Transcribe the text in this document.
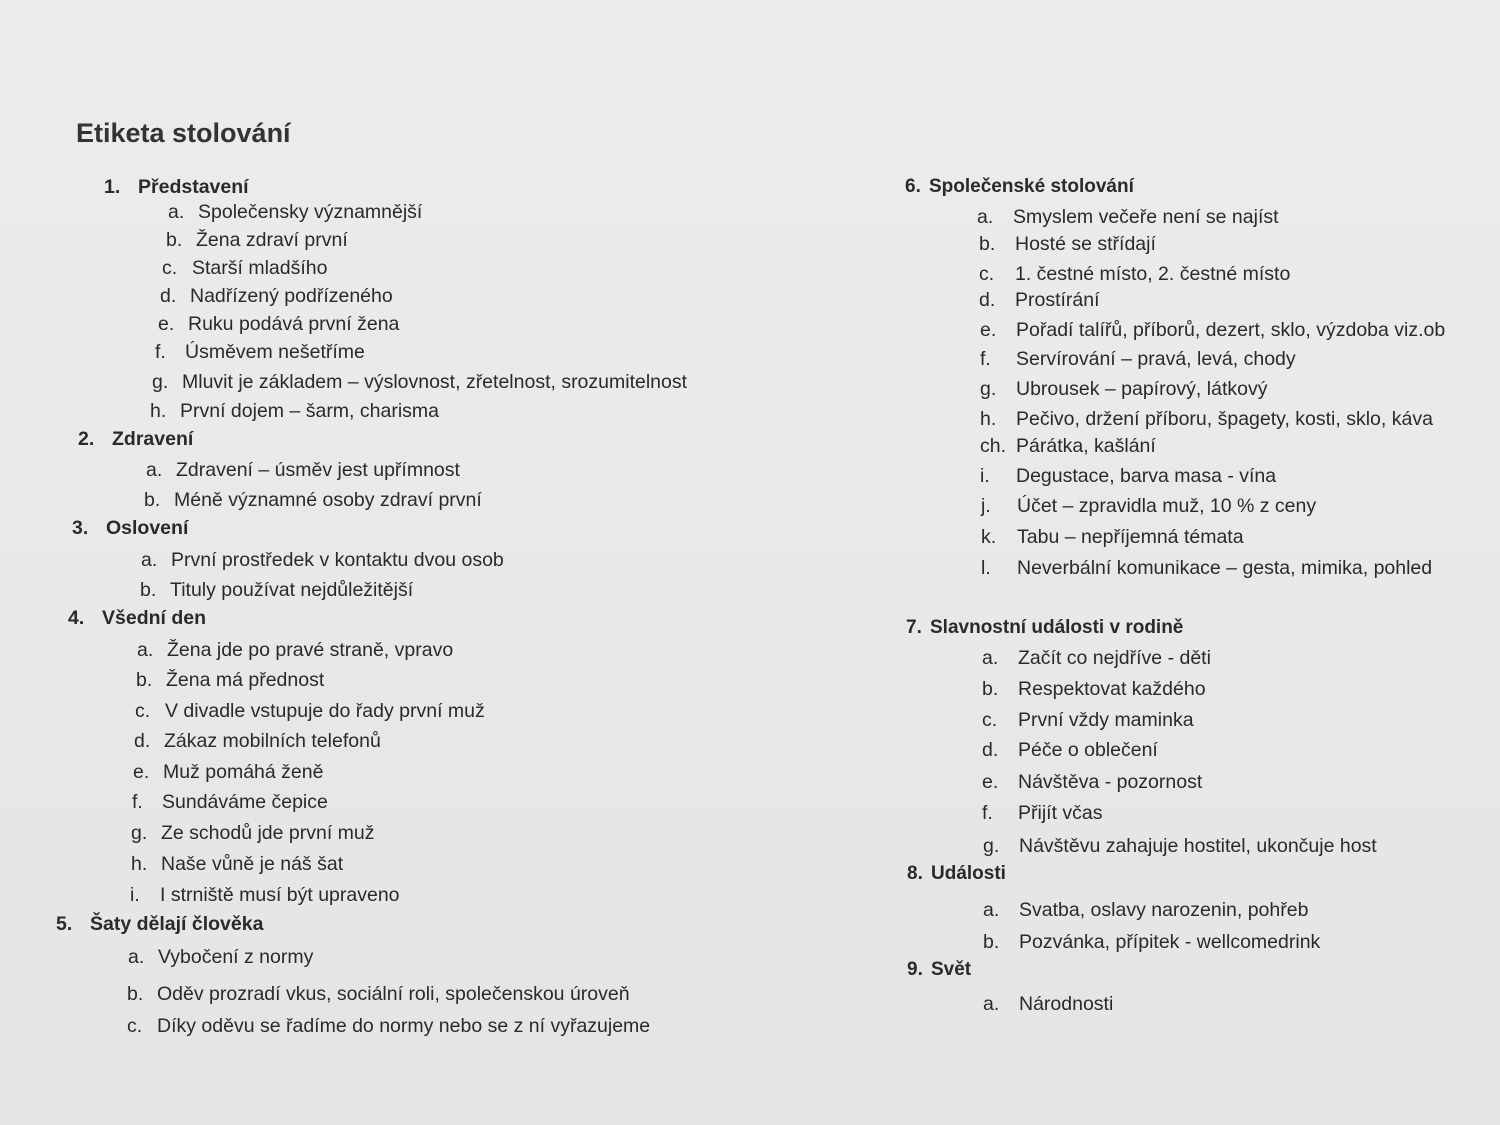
Etiketa stolování
1. Představení
a. Společensky významnější
b. Žena zdraví první
c. Starší mladšího
d. Nadřízený podřízeného
e. Ruku podává první žena
f. Úsměvem nešetříme
g. Mluvit je základem – výslovnost, zřetelnost, srozumitelnost
h. První dojem – šarm, charisma
2. Zdravení
a. Zdravení – úsměv jest upřímnost
b. Méně významné osoby zdraví první
3. Oslovení
a. První prostředek v kontaktu dvou osob
b. Tituly používat nejdůležitější
4. Všední den
a. Žena jde po pravé straně, vpravo
b. Žena má přednost
c. V divadle vstupuje do řady první muž
d. Zákaz mobilních telefonů
e. Muž pomáhá ženě
f. Sundáváme čepice
g. Ze schodů jde první muž
h. Naše vůně je náš šat
i. I strniště musí být upraveno
5. Šaty dělají člověka
a. Vybočení z normy
b. Oděv prozradí vkus, sociální roli, společenskou úroveň
c. Díky oděvu se řadíme do normy nebo se z ní vyřazujeme
6. Společenské stolování
a. Smyslem večeře není se najíst
b. Hosté se střídají
c. 1. čestné místo, 2. čestné místo
d. Prostírání
e. Pořadí talířů, příborů, dezert, sklo, výzdoba viz.ob
f. Servírování – pravá, levá, chody
g. Ubrousek – papírový, látkový
h. Pečivo, držení příboru, špagety, kosti, sklo, káva
ch. Párátka, kašlání
i. Degustace, barva masa - vína
j. Účet – zpravidla muž, 10 % z ceny
k. Tabu – nepříjemná témata
l. Neverbální komunikace – gesta, mimika, pohled
7. Slavnostní události v rodině
a. Začít co nejdříve - děti
b. Respektovat každého
c. První vždy maminka
d. Péče o oblečení
e. Návštěva - pozornost
f. Přijít včas
g. Návštěvu zahajuje hostitel, ukončuje host
8. Události
a. Svatba, oslavy narozenin, pohřeb
b. Pozvánka, přípitek - wellcomedrink
9. Svět
a. Národnosti
